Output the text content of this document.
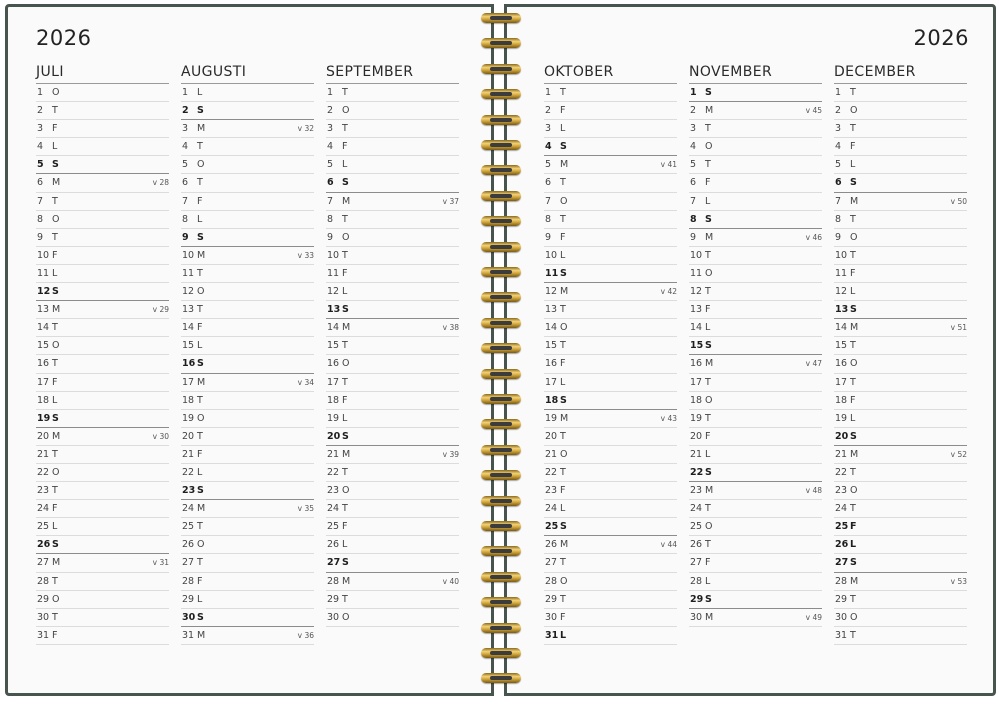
2026	2026
JULI
1 O
2 T
3 F
4 L
5 S
6 M	v 28
7 T
8 O
9 T
10 F
11 L
12 S
13 M	v 29
14 T
15 O
16 T
17 F
18 L
19 S
20 M	v 30
21 T
22 O
23 T
24 F
25 L
26 S
27 M	v 31
28 T
29 O
30 T
31 F
AUGUSTI
1 L
2 S
3 M	v 32
4 T
5 O
6 T
7 F
8 L
9 S
10 M	v 33
11 T
12 O
13 T
14 F
15 L
16 S
17 M	v 34
18 T
19 O
20 T
21 F
22 L
23 S
24 M	v 35
25 T
26 O
27 T
28 F
29 L
30 S
31 M	v 36
SEPTEMBER
1 T
2 O
3 T
4 F
5 L
6 S
7 M	v 37
8 T
9 O
10 T
11 F
12 L
13 S
14 M	v 38
15 T
16 O
17 T
18 F
19 L
20 S
21 M	v 39
22 T
23 O
24 T
25 F
26 L
27 S
28 M	v 40
29 T
30 O
OKTOBER
1 T
2 F
3 L
4 S
5 M	v 41
6 T
7 O
8 T
9 F
10 L
11 S
12 M	v 42
13 T
14 O
15 T
16 F
17 L
18 S
19 M	v 43
20 T
21 O
22 T
23 F
24 L
25 S
26 M	v 44
27 T
28 O
29 T
30 F
31 L
NOVEMBER
1 S
2 M	v 45
3 T
4 O
5 T
6 F
7 L
8 S
9 M	v 46
10 T
11 O
12 T
13 F
14 L
15 S
16 M	v 47
17 T
18 O
19 T
20 F
21 L
22 S
23 M	v 48
24 T
25 O
26 T
27 F
28 L
29 S
30 M	v 49
DECEMBER
1 T
2 O
3 T
4 F
5 L
6 S
7 M	v 50
8 T
9 O
10 T
11 F
12 L
13 S
14 M	v 51
15 T
16 O
17 T
18 F
19 L
20 S
21 M	v 52
22 T
23 O
24 T
25 F
26 L
27 S
28 M	v 53
29 T
30 O
31 T
